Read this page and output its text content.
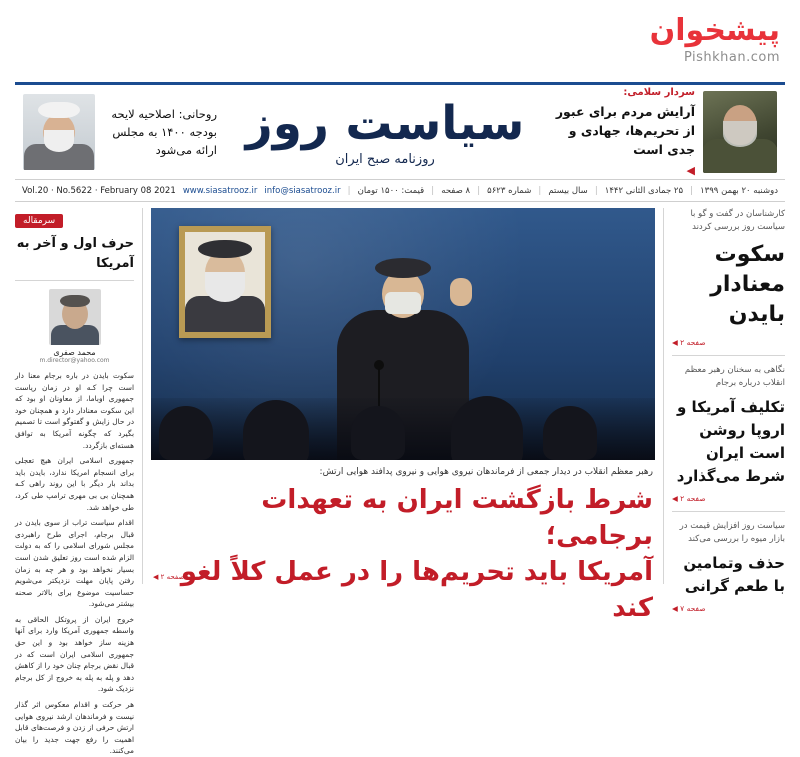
پیشخوان
Pishkhan.com
سردار سلامی:
آرایش مردم برای عبور از تحریم‌ها، جهادی و جدی است
◀
سیاست روز
روزنامه صبح ایران
روحانی: اصلاحیه لایحه بودجه ۱۴۰۰ به مجلس ارائه می‌شود
دوشنبه ۲۰ بهمن ۱۳۹۹
|
۲۵ جمادی الثانی ۱۴۴۲
|
سال بیستم
|
شماره ۵۶۲۳
|
۸ صفحه
|
قیمت: ۱۵۰۰ تومان
|
info@siasatrooz.ir
www.siasatrooz.ir
Vol.20 · No.5622 · February 08 2021
کارشناسان در گفت و گو با سیاست روز بررسی کردند
سکوت معنادار بایدن
صفحه ۲ ◀
نگاهی به سخنان رهبر معظم انقلاب درباره برجام
تکلیف آمریکا و اروپا روشن است ایران شرط می‌گذارد
صفحه ۲ ◀
سیاست روز افزایش قیمت در بازار میوه را بررسی می‌کند
حذف وتمامین با طعم گرانی
صفحه ۷ ◀
رهبر معظم انقلاب در دیدار جمعی از فرماندهان نیروی هوایی و نیروی پدافند هوایی ارتش:
شرط بازگشت ایران به تعهدات برجامی؛
آمریکا باید تحریم‌ها را در عمل کلاً لغو کند
صفحه ۲ ◀
سرمقاله
حرف اول و آخر به آمریکا
محمد صفری
m.director@yahoo.com

سکوت بایدن در باره برجام معنا دار است چرا کـه او در زمان ریاست جمهوری اوباما، از معاونان او بود که این سکوت معنادار دارد و همچنان خود در حال زایش و گفتوگو است تا تصمیم بگیرد که چگونه آمریکا به توافق هسته‌ای بازگردد.

جمهوری اسلامی ایران هیچ تعجلی برای انسجام امریکا ندارد، بایدن باید بداند بار دیگر با این روند راهی کـه همچنان بی بی مهری ترامپ طی کرد، طی خواهد شد.

اقدام سیاست تراب از سوی بایدن در قبال برجام، اجرای طرح راهبردی مجلس شورای اسلامی را که به دولت الزام شده است روز تعلیق شدن است بسیار نخواهد بود و هر چه به زمان رفتن پایان مهلت نزدیکتر می‌شویم حساسیت موضوع برای بالاتر صحنه بیشتر می‌شود.

خروج ایران از پروتکل الحاقی به واسطه جمهوری آمریکا وارد برای آنها هزینه ساز خواهد بود و این حق جمهوری اسلامی ایران است که در قبال نقض برجام چنان خود را از کاهش دهد و پله به پله به خروج از کل برجام نزدیک شود.

هر حرکت و اقدام معکوس اثر گذار نیست و فرماندهان ارشد نیروی هوایی ارتش حرفی از زدن و فرصت‌های قابل اهمیت را رفع جهت جدید را بیان می‌کنند.
